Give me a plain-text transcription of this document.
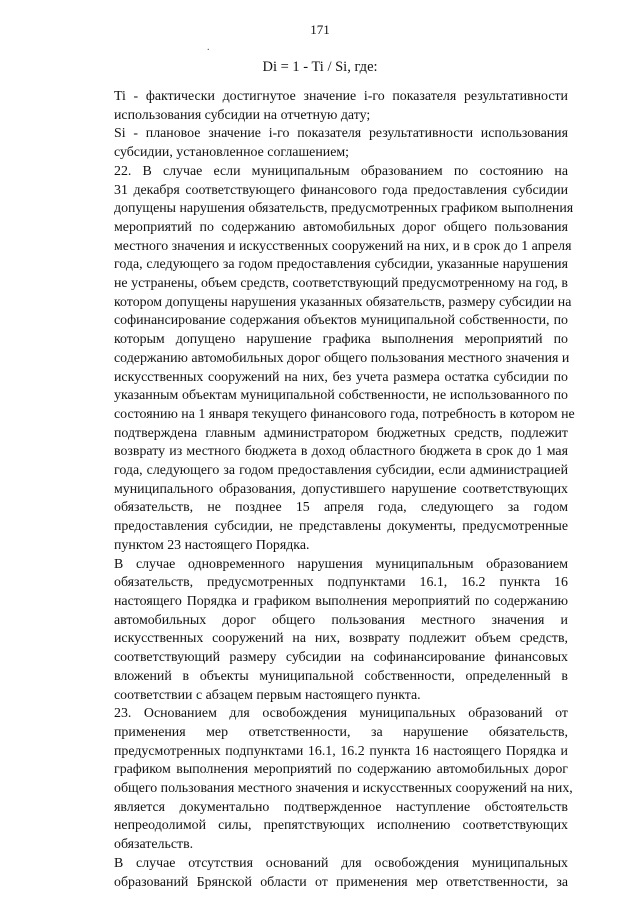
171
.
Di = 1 - Ti / Si, где:

Ti - фактически достигнутое значение i-го показателя результативности
использования субсидии на отчетную дату;

Si - плановое значение i-го показателя результативности использования
субсидии, установленное соглашением;

22. В случае если муниципальным образованием по состоянию на
31 декабря соответствующего финансового года предоставления субсидии
допущены нарушения обязательств, предусмотренных графиком выполнения
мероприятий по содержанию автомобильных дорог общего пользования
местного значения и искусственных сооружений на них, и в срок до 1 апреля
года, следующего за годом предоставления субсидии, указанные нарушения
не устранены, объем средств, соответствующий предусмотренному на год, в
котором допущены нарушения указанных обязательств, размеру субсидии на
софинансирование содержания объектов муниципальной собственности, по
которым допущено нарушение графика выполнения мероприятий по
содержанию автомобильных дорог общего пользования местного значения и
искусственных сооружений на них, без учета размера остатка субсидии по
указанным объектам муниципальной собственности, не использованного по
состоянию на 1 января текущего финансового года, потребность в котором не
подтверждена главным администратором бюджетных средств, подлежит
возврату из местного бюджета в доход областного бюджета в срок до 1 мая
года, следующего за годом предоставления субсидии, если администрацией
муниципального образования, допустившего нарушение соответствующих
обязательств, не позднее 15 апреля года, следующего за годом
предоставления субсидии, не представлены документы, предусмотренные
пунктом 23 настоящего Порядка.

В случае одновременного нарушения муниципальным образованием
обязательств, предусмотренных подпунктами 16.1, 16.2 пункта 16
настоящего Порядка и графиком выполнения мероприятий по содержанию
автомобильных дорог общего пользования местного значения и
искусственных сооружений на них, возврату подлежит объем средств,
соответствующий размеру субсидии на софинансирование финансовых
вложений в объекты муниципальной собственности, определенный в
соответствии с абзацем первым настоящего пункта.

23. Основанием для освобождения муниципальных образований от
применения мер ответственности, за нарушение обязательств,
предусмотренных подпунктами 16.1, 16.2 пункта 16 настоящего Порядка и
графиком выполнения мероприятий по содержанию автомобильных дорог
общего пользования местного значения и искусственных сооружений на них,
является документально подтвержденное наступление обстоятельств
непреодолимой силы, препятствующих исполнению соответствующих
обязательств.

В случае отсутствия оснований для освобождения муниципальных
образований Брянской области от применения мер ответственности, за
